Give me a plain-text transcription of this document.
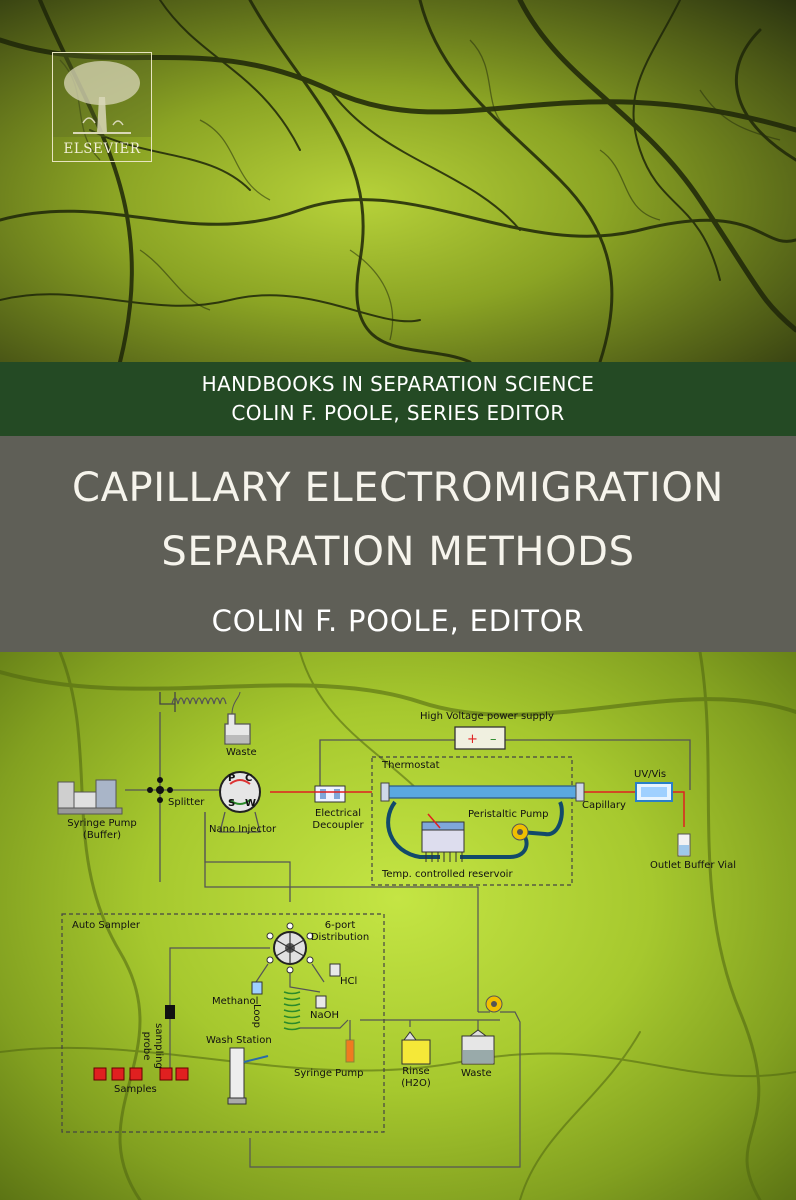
ELSEVIER
HANDBOOKS IN SEPARATION SCIENCE
COLIN F. POOLE, SERIES EDITOR
CAPILLARY ELECTROMIGRATION
SEPARATION METHODS
COLIN F. POOLE, EDITOR
+ –
High Voltage power supply
Waste
Thermostat
UV/Vis
Capillary
Syringe Pump
(Buffer)
Splitter
Nano Injector
P C
S W
Electrical
Decoupler
Peristaltic Pump
Temp. controlled reservoir
Outlet Buffer Vial
Auto Sampler	6-port
Distribution
Methanol
HCl
NaOH
Loop
sampling
probe	Wash Station
Samples
Syringe Pump	Rinse
(H2O)
Waste
